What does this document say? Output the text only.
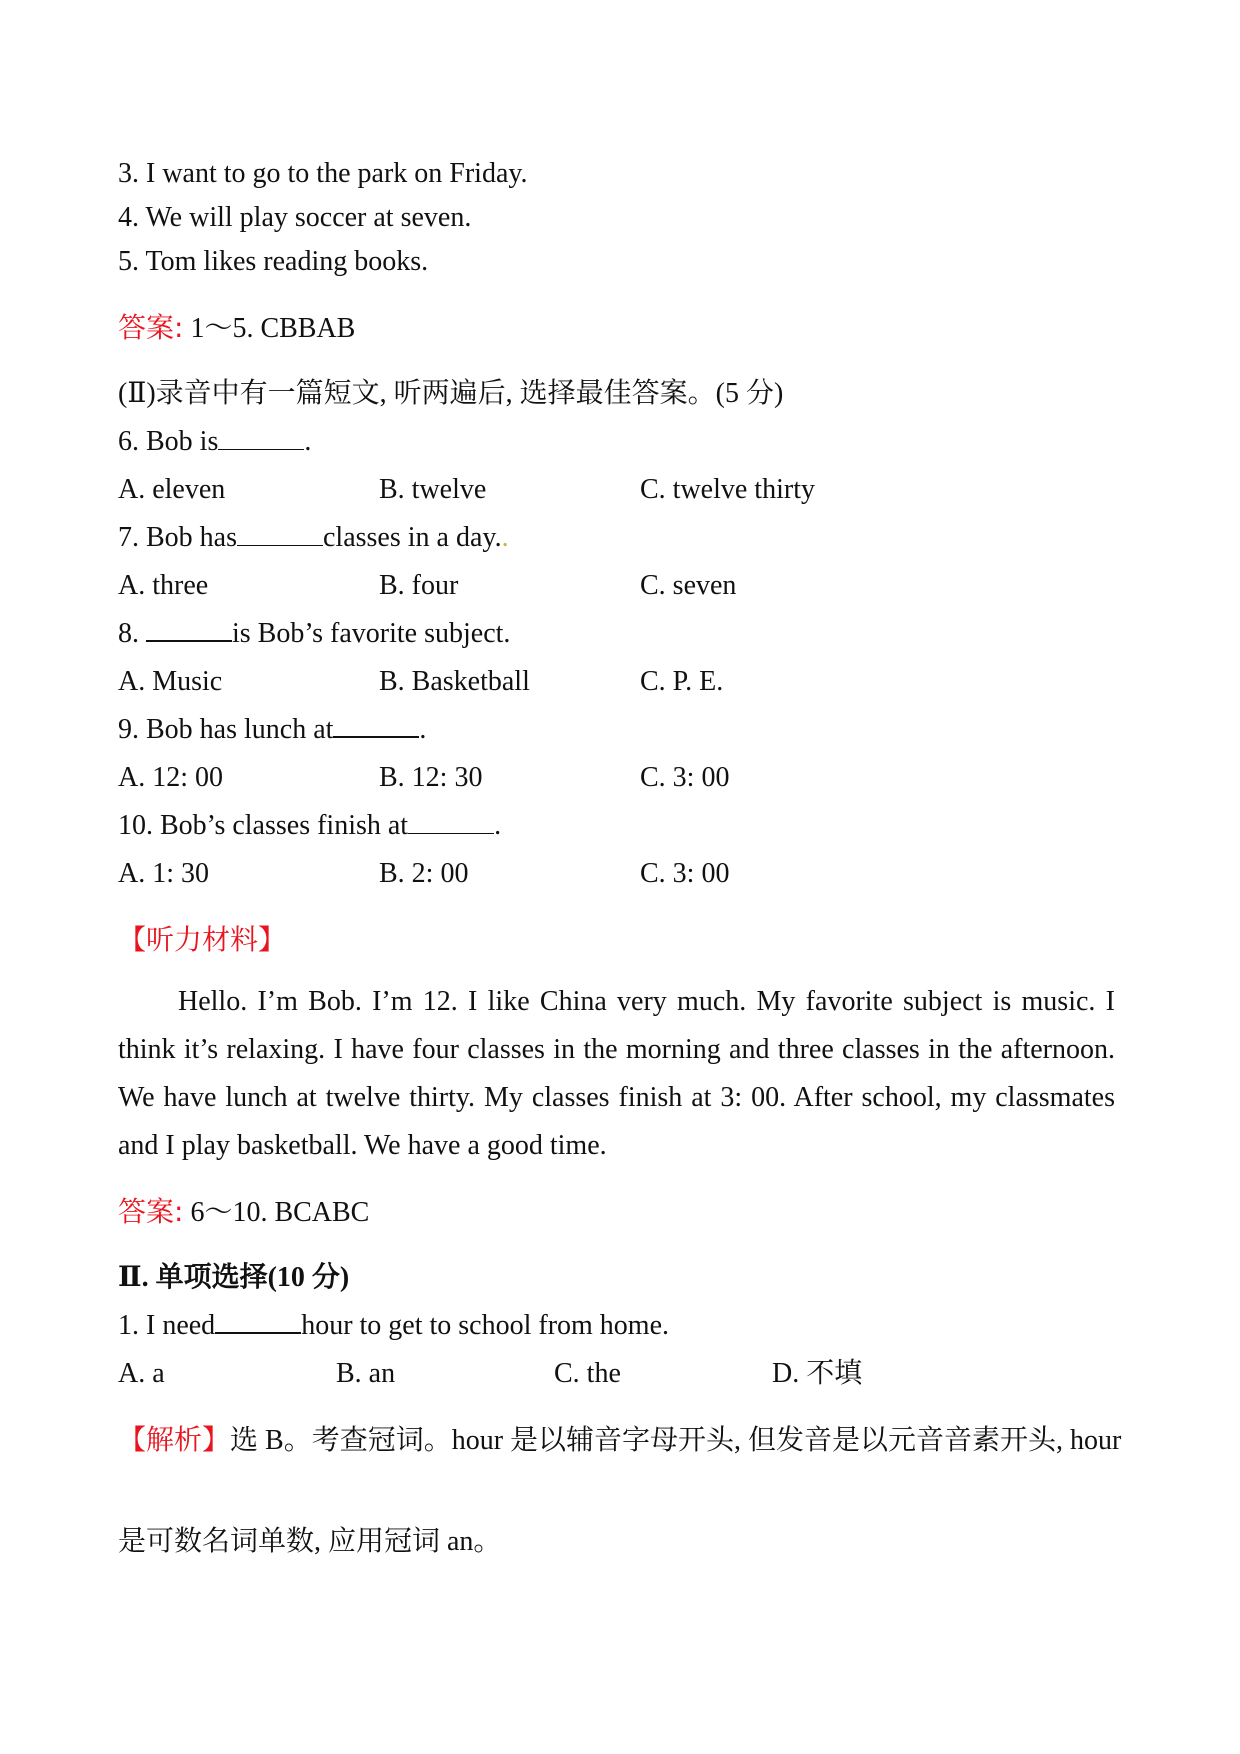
3. I want to go to the park on Friday.
4. We will play soccer at seven.
5. Tom likes reading books.
答案: 1～5. CBBAB
(Ⅱ)录音中有一篇短文, 听两遍后, 选择最佳答案。(5 分)
6. Bob is	.
A. eleven	B. twelve	C. twelve thirty
7. Bob has	classes in a day..
A. three	B. four	C. seven
8.	is Bob’s favorite subject.
A. Music	B. Basketball	C. P. E.
9. Bob has lunch at	.
A. 12: 00	B. 12: 30	C. 3: 00
10. Bob’s classes finish at	.
A. 1: 30	B. 2: 00	C. 3: 00
【听力材料】
Hello. I’m Bob. I’m 12. I like China very much. My favorite subject is music. I think it’s relaxing. I have four classes in the morning and three classes in the afternoon. We have lunch at twelve thirty. My classes finish at 3: 00. After school, my classmates and I play basketball. We have a good time.
答案: 6～10. BCABC
Ⅱ. 单项选择(10 分)
1. I need	hour to get to school from home.
A. a	B. an	C. the	D. 不填
【解析】选 B。考查冠词。hour 是以辅音字母开头, 但发音是以元音音素开头, hour
是可数名词单数, 应用冠词 an。
